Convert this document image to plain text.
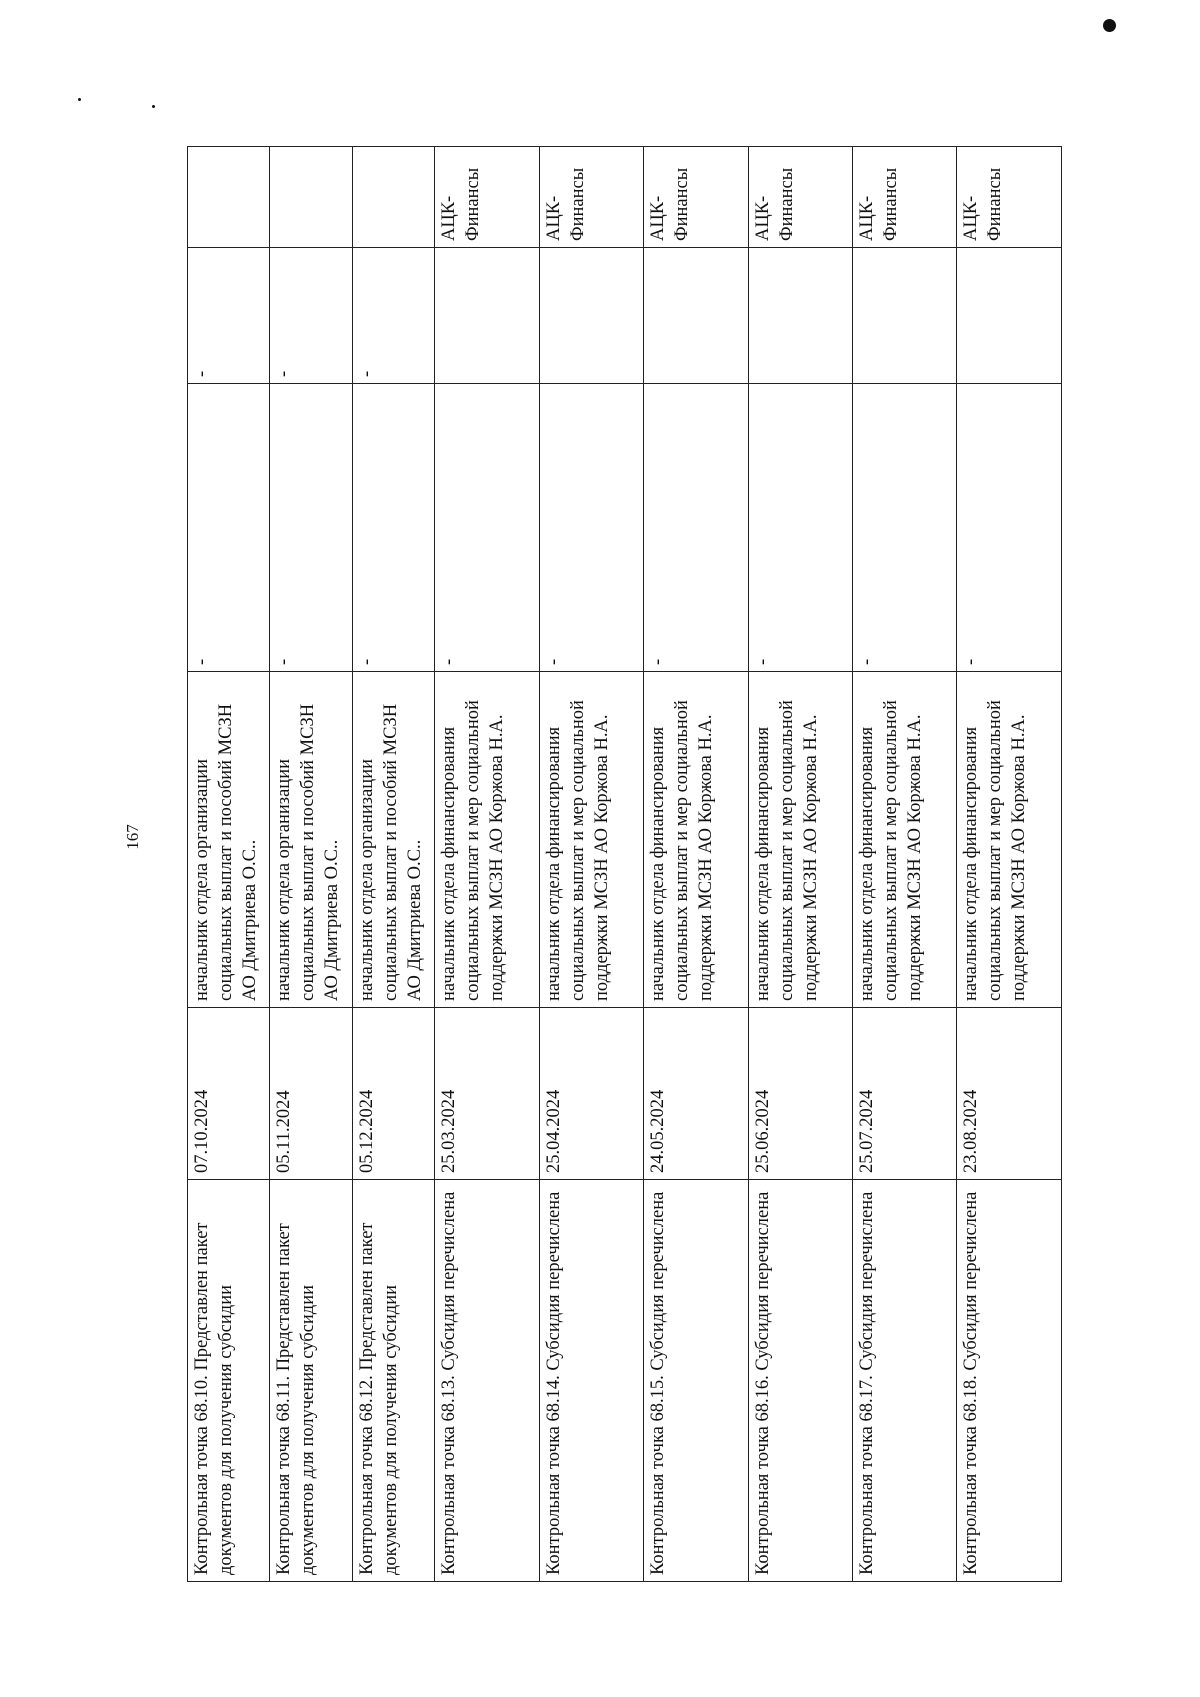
167
Контрольная точка 68.10. Представлен пакет документов для получения субсидии	07.10.2024	начальник отдела организации социальных выплат и пособий МСЗН АО Дмитриева О.С..	-	-	
Контрольная точка 68.11. Представлен пакет документов для получения субсидии	05.11.2024	начальник отдела организации социальных выплат и пособий МСЗН АО Дмитриева О.С..	-	-	
Контрольная точка 68.12. Представлен пакет документов для получения субсидии	05.12.2024	начальник отдела организации социальных выплат и пособий МСЗН АО Дмитриева О.С..	-	-	
Контрольная точка 68.13. Субсидия перечислена	25.03.2024	начальник отдела финансирования социальных выплат и мер социальной поддержки МСЗН АО Коржова Н.А.	-		АЦК-Финансы
Контрольная точка 68.14. Субсидия перечислена	25.04.2024	начальник отдела финансирования социальных выплат и мер социальной поддержки МСЗН АО Коржова Н.А.	-		АЦК-Финансы
Контрольная точка 68.15. Субсидия перечислена	24.05.2024	начальник отдела финансирования социальных выплат и мер социальной поддержки МСЗН АО Коржова Н.А.	-		АЦК-Финансы
Контрольная точка 68.16. Субсидия перечислена	25.06.2024	начальник отдела финансирования социальных выплат и мер социальной поддержки МСЗН АО Коржова Н.А.	-		АЦК-Финансы
Контрольная точка 68.17. Субсидия перечислена	25.07.2024	начальник отдела финансирования социальных выплат и мер социальной поддержки МСЗН АО Коржова Н.А.	-		АЦК-Финансы
Контрольная точка 68.18. Субсидия перечислена	23.08.2024	начальник отдела финансирования социальных выплат и мер социальной поддержки МСЗН АО Коржова Н.А.	-		АЦК-Финансы
